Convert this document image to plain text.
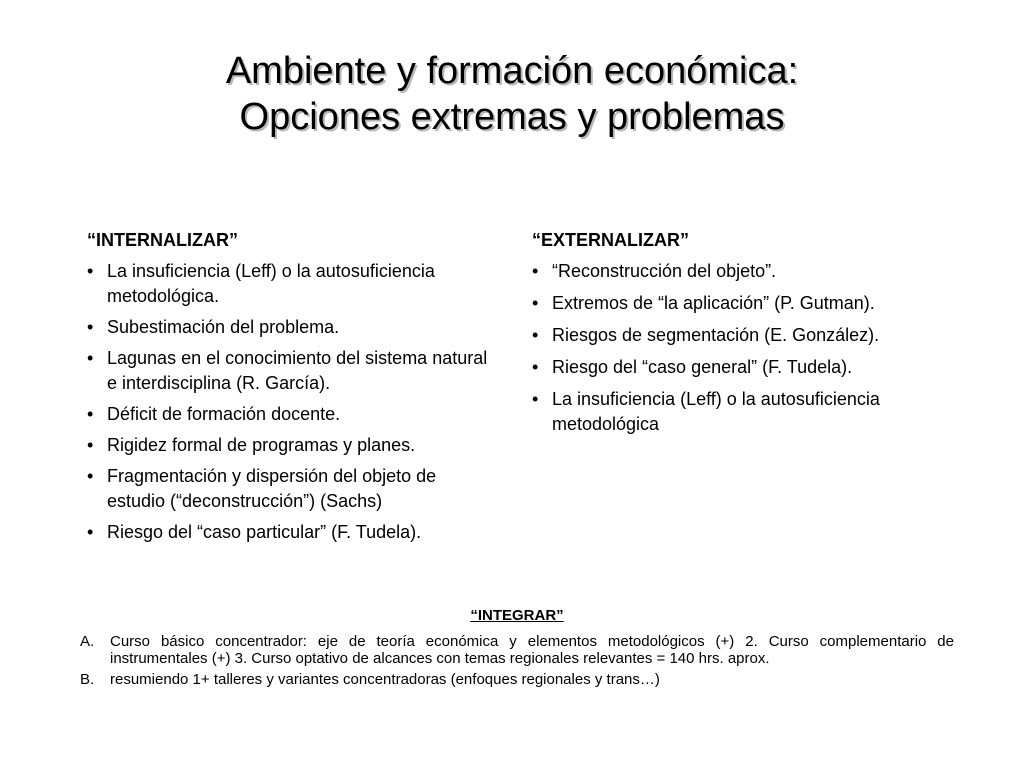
Ambiente y formación económica:
Opciones extremas y problemas
“INTERNALIZAR”
• La insuficiencia (Leff) o la autosuficiencia metodológica.
• Subestimación del problema.
• Lagunas en el conocimiento del sistema natural e interdisciplina (R. García).
• Déficit de formación docente.
• Rigidez formal de programas y planes.
• Fragmentación y dispersión del objeto de estudio (“deconstrucción”) (Sachs)
• Riesgo del “caso particular” (F. Tudela).
“EXTERNALIZAR”
• “Reconstrucción del objeto”.
• Extremos de “la aplicación” (P. Gutman).
• Riesgos de segmentación (E. González).
• Riesgo del “caso general” (F. Tudela).
• La insuficiencia (Leff) o la autosuficiencia metodológica
“INTEGRAR”
A. Curso básico concentrador: eje de teoría económica y elementos metodológicos (+) 2. Curso complementario de instrumentales (+) 3. Curso optativo de alcances con temas regionales relevantes = 140 hrs. aprox.
B. resumiendo 1+ talleres y variantes concentradoras (enfoques regionales y trans…)
